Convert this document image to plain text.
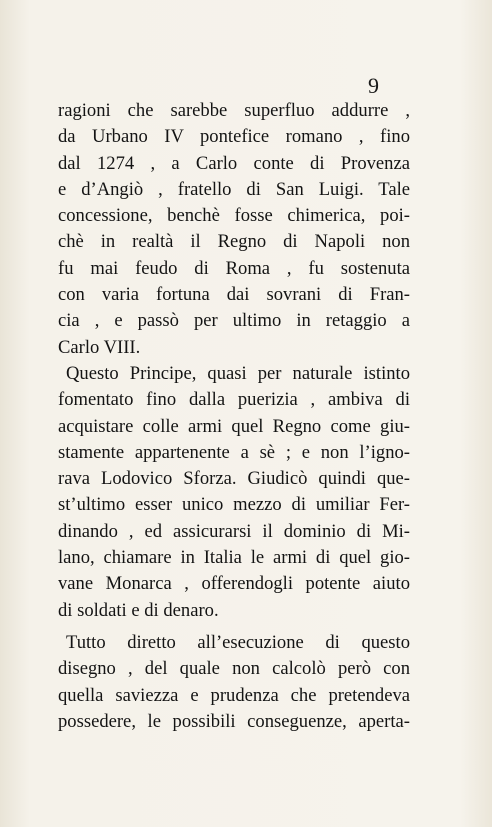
9
ragioni che sarebbe superfluo addurre ,
da Urbano IV pontefice romano , fino
dal 1274 , a Carlo conte di Provenza
e d’Angiò , fratello di San Luigi. Tale
concessione, benchè fosse chimerica, poi-
chè in realtà il Regno di Napoli non
fu mai feudo di Roma , fu sostenuta
con varia fortuna dai sovrani di Fran-
cia , e passò per ultimo in retaggio a
Carlo VIII.
Questo Principe, quasi per naturale istinto
fomentato fino dalla puerizia , ambiva di
acquistare colle armi quel Regno come giu-
stamente appartenente a sè ; e non l’igno-
rava Lodovico Sforza. Giudicò quindi que-
st’ultimo esser unico mezzo di umiliar Fer-
dinando , ed assicurarsi il dominio di Mi-
lano, chiamare in Italia le armi di quel gio-
vane Monarca , offerendogli potente aiuto
di soldati e di denaro.
Tutto diretto all’esecuzione di questo
disegno , del quale non calcolò però con
quella saviezza e prudenza che pretendeva
possedere, le possibili conseguenze, aperta-
